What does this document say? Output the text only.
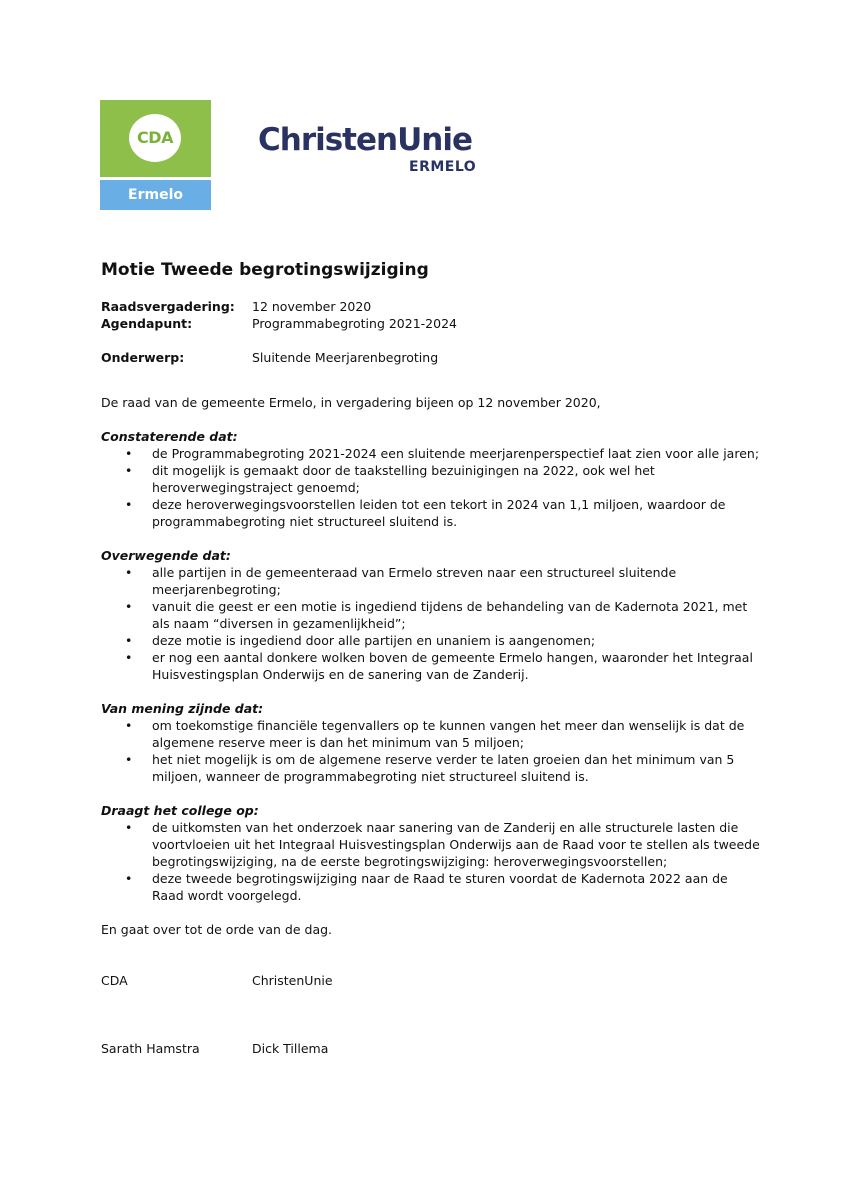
CDA
Ermelo
ChristenUnie
ERMELO
Motie Tweede begrotingswijziging
Raadsvergadering:	12 november 2020
Agendapunt:	Programmabegroting 2021-2024
Onderwerp:	Sluitende Meerjarenbegroting
De raad van de gemeente Ermelo, in vergadering bijeen op 12 november 2020,
Constaterende dat:
• de Programmabegroting 2021-2024 een sluitende meerjarenperspectief laat zien voor alle jaren;
• dit mogelijk is gemaakt door de taakstelling bezuinigingen na 2022, ook wel het heroverwegingstraject genoemd;
• deze heroverwegingsvoorstellen leiden tot een tekort in 2024 van 1,1 miljoen, waardoor de programmabegroting niet structureel sluitend is.
Overwegende dat:
• alle partijen in de gemeenteraad van Ermelo streven naar een structureel sluitende meerjarenbegroting;
• vanuit die geest er een motie is ingediend tijdens de behandeling van de Kadernota 2021, met als naam “diversen in gezamenlijkheid”;
• deze motie is ingediend door alle partijen en unaniem is aangenomen;
• er nog een aantal donkere wolken boven de gemeente Ermelo hangen, waaronder het Integraal Huisvestingsplan Onderwijs en de sanering van de Zanderij.
Van mening zijnde dat:
• om toekomstige financiële tegenvallers op te kunnen vangen het meer dan wenselijk is dat de algemene reserve meer is dan het minimum van 5 miljoen;
• het niet mogelijk is om de algemene reserve verder te laten groeien dan het minimum van 5 miljoen, wanneer de programmabegroting niet structureel sluitend is.
Draagt het college op:
• de uitkomsten van het onderzoek naar sanering van de Zanderij en alle structurele lasten die voortvloeien uit het Integraal Huisvestingsplan Onderwijs aan de Raad voor te stellen als tweede begrotingswijziging, na de eerste begrotingswijziging: heroverwegingsvoorstellen;
• deze tweede begrotingswijziging naar de Raad te sturen voordat de Kadernota 2022 aan de Raad wordt voorgelegd.
En gaat over tot de orde van de dag.
CDA	ChristenUnie
Sarath Hamstra	Dick Tillema
